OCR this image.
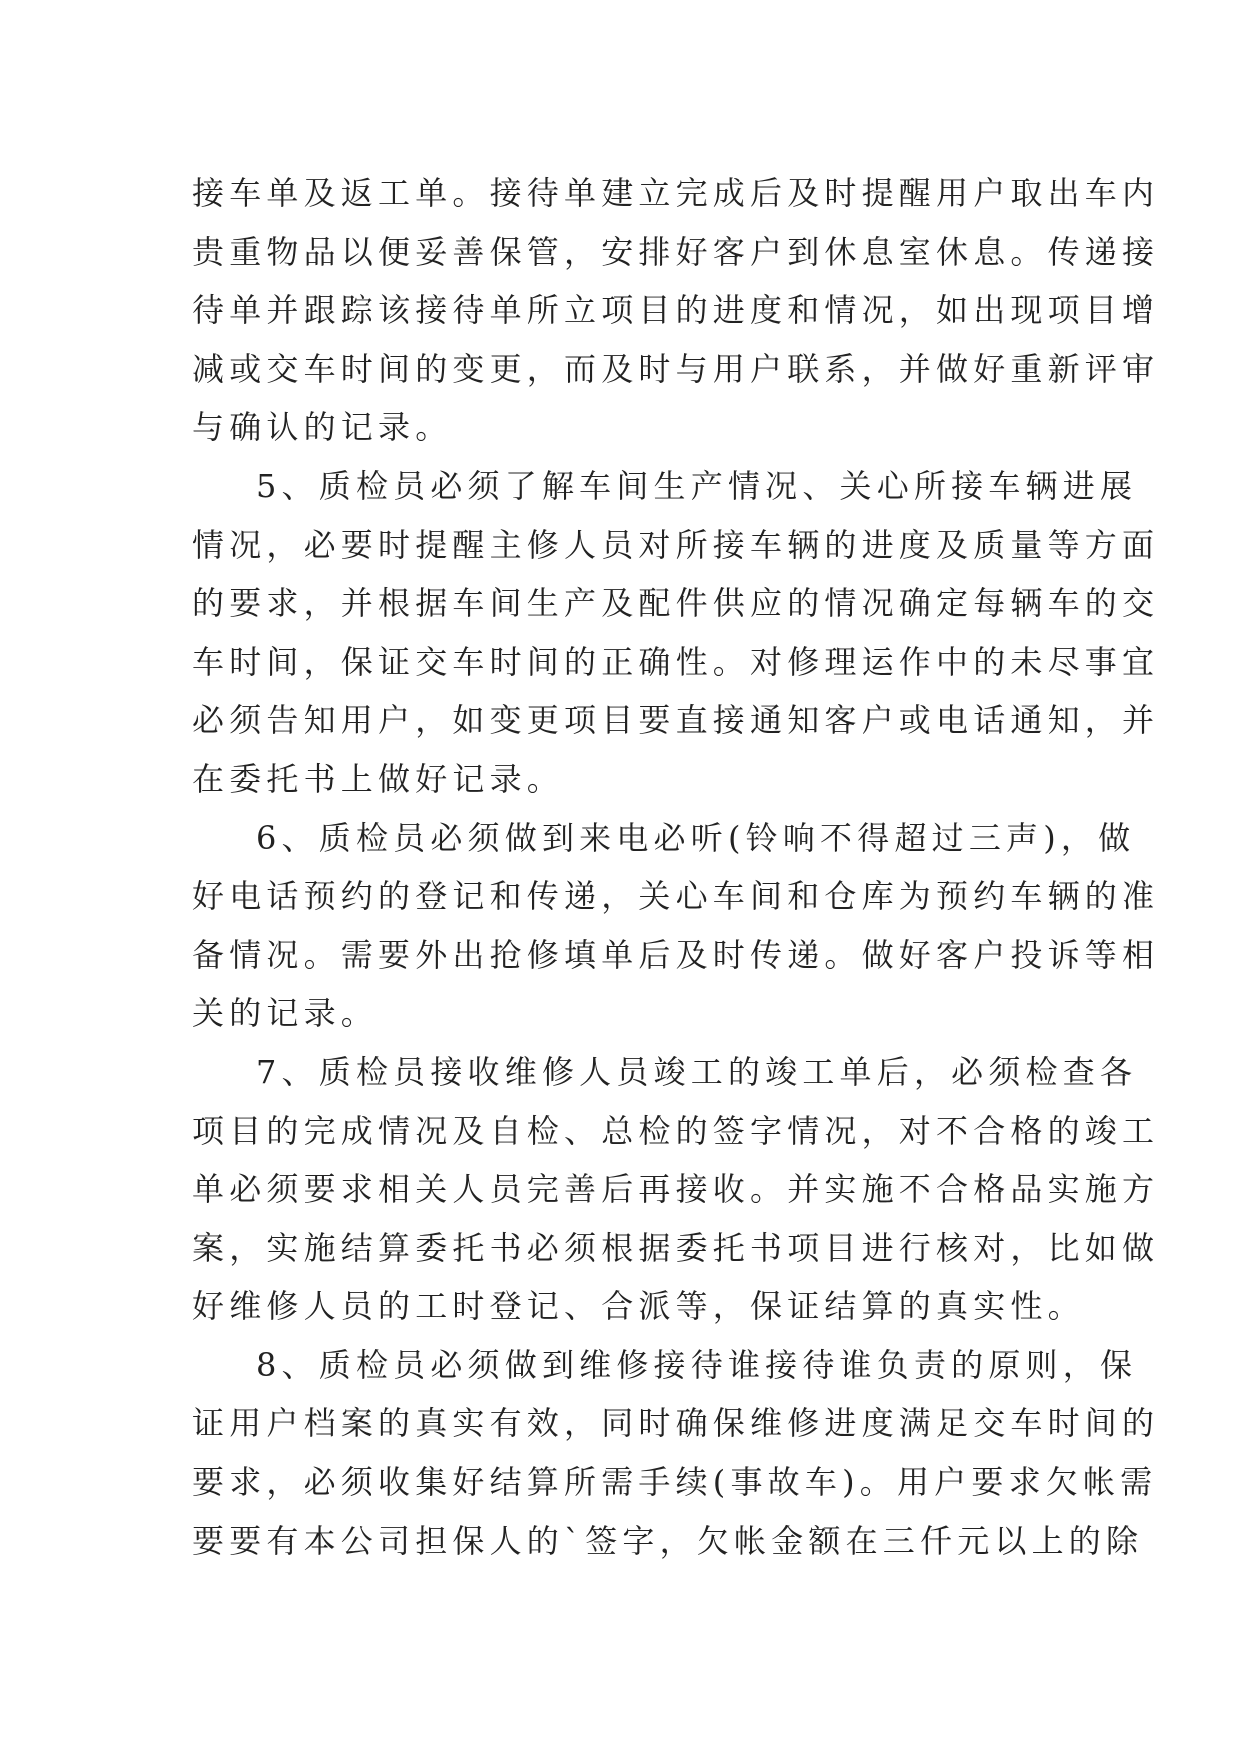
接车单及返工单。接待单建立完成后及时提醒用户取出车内
贵重物品以便妥善保管，安排好客户到休息室休息。传递接
待单并跟踪该接待单所立项目的进度和情况，如出现项目增
减或交车时间的变更，而及时与用户联系，并做好重新评审
与确认的记录。
5、质检员必须了解车间生产情况、关心所接车辆进展
情况，必要时提醒主修人员对所接车辆的进度及质量等方面
的要求，并根据车间生产及配件供应的情况确定每辆车的交
车时间，保证交车时间的正确性。对修理运作中的未尽事宜
必须告知用户，如变更项目要直接通知客户或电话通知，并
在委托书上做好记录。
6、质检员必须做到来电必听(铃响不得超过三声)，做
好电话预约的登记和传递，关心车间和仓库为预约车辆的准
备情况。需要外出抢修填单后及时传递。做好客户投诉等相
关的记录。
7、质检员接收维修人员竣工的竣工单后，必须检查各
项目的完成情况及自检、总检的签字情况，对不合格的竣工
单必须要求相关人员完善后再接收。并实施不合格品实施方
案，实施结算委托书必须根据委托书项目进行核对，比如做
好维修人员的工时登记、合派等，保证结算的真实性。
8、质检员必须做到维修接待谁接待谁负责的原则，保
证用户档案的真实有效，同时确保维修进度满足交车时间的
要求，必须收集好结算所需手续(事故车)。用户要求欠帐需
要要有本公司担保人的`签字，欠帐金额在三仟元以上的除
